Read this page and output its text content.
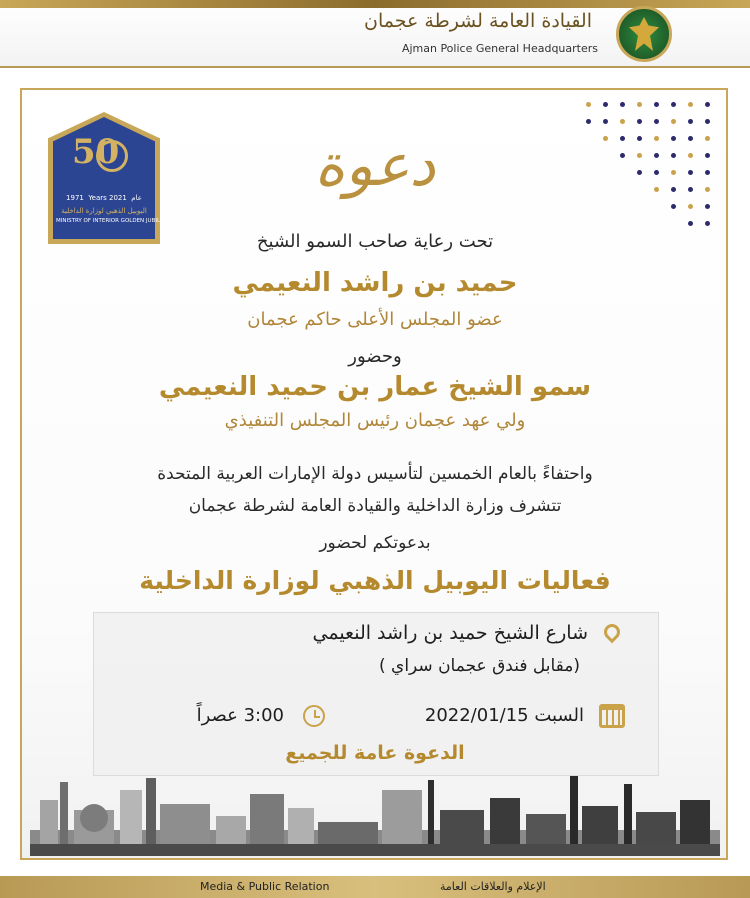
القيادة العامة لشرطة عجمان
Ajman Police General Headquarters
50
1971 Years عام  2021
اليوبيل الذهبي لوزارة الداخلية
MINISTRY OF INTERIOR GOLDEN JUBILEE
دعوة
تحت رعاية صاحب السمو الشيخ
حميد بن راشد النعيمي
عضو المجلس الأعلى حاكم عجمان
وحضور
سمو الشيخ عمار بن حميد النعيمي
ولي عهد عجمان رئيس المجلس التنفيذي
واحتفاءً بالعام الخمسين لتأسيس دولة الإمارات العربية المتحدة
تتشرف وزارة الداخلية والقيادة العامة لشرطة عجمان
بدعوتكم لحضور
فعاليات اليوبيل الذهبي لوزارة الداخلية
شارع الشيخ حميد بن راشد النعيمي
(مقابل فندق عجمان سراي )
السبت 2022/01/15
3:00 عصراً
الدعوة عامة للجميع
Media & Public Relation	الإعلام والعلاقات العامة
